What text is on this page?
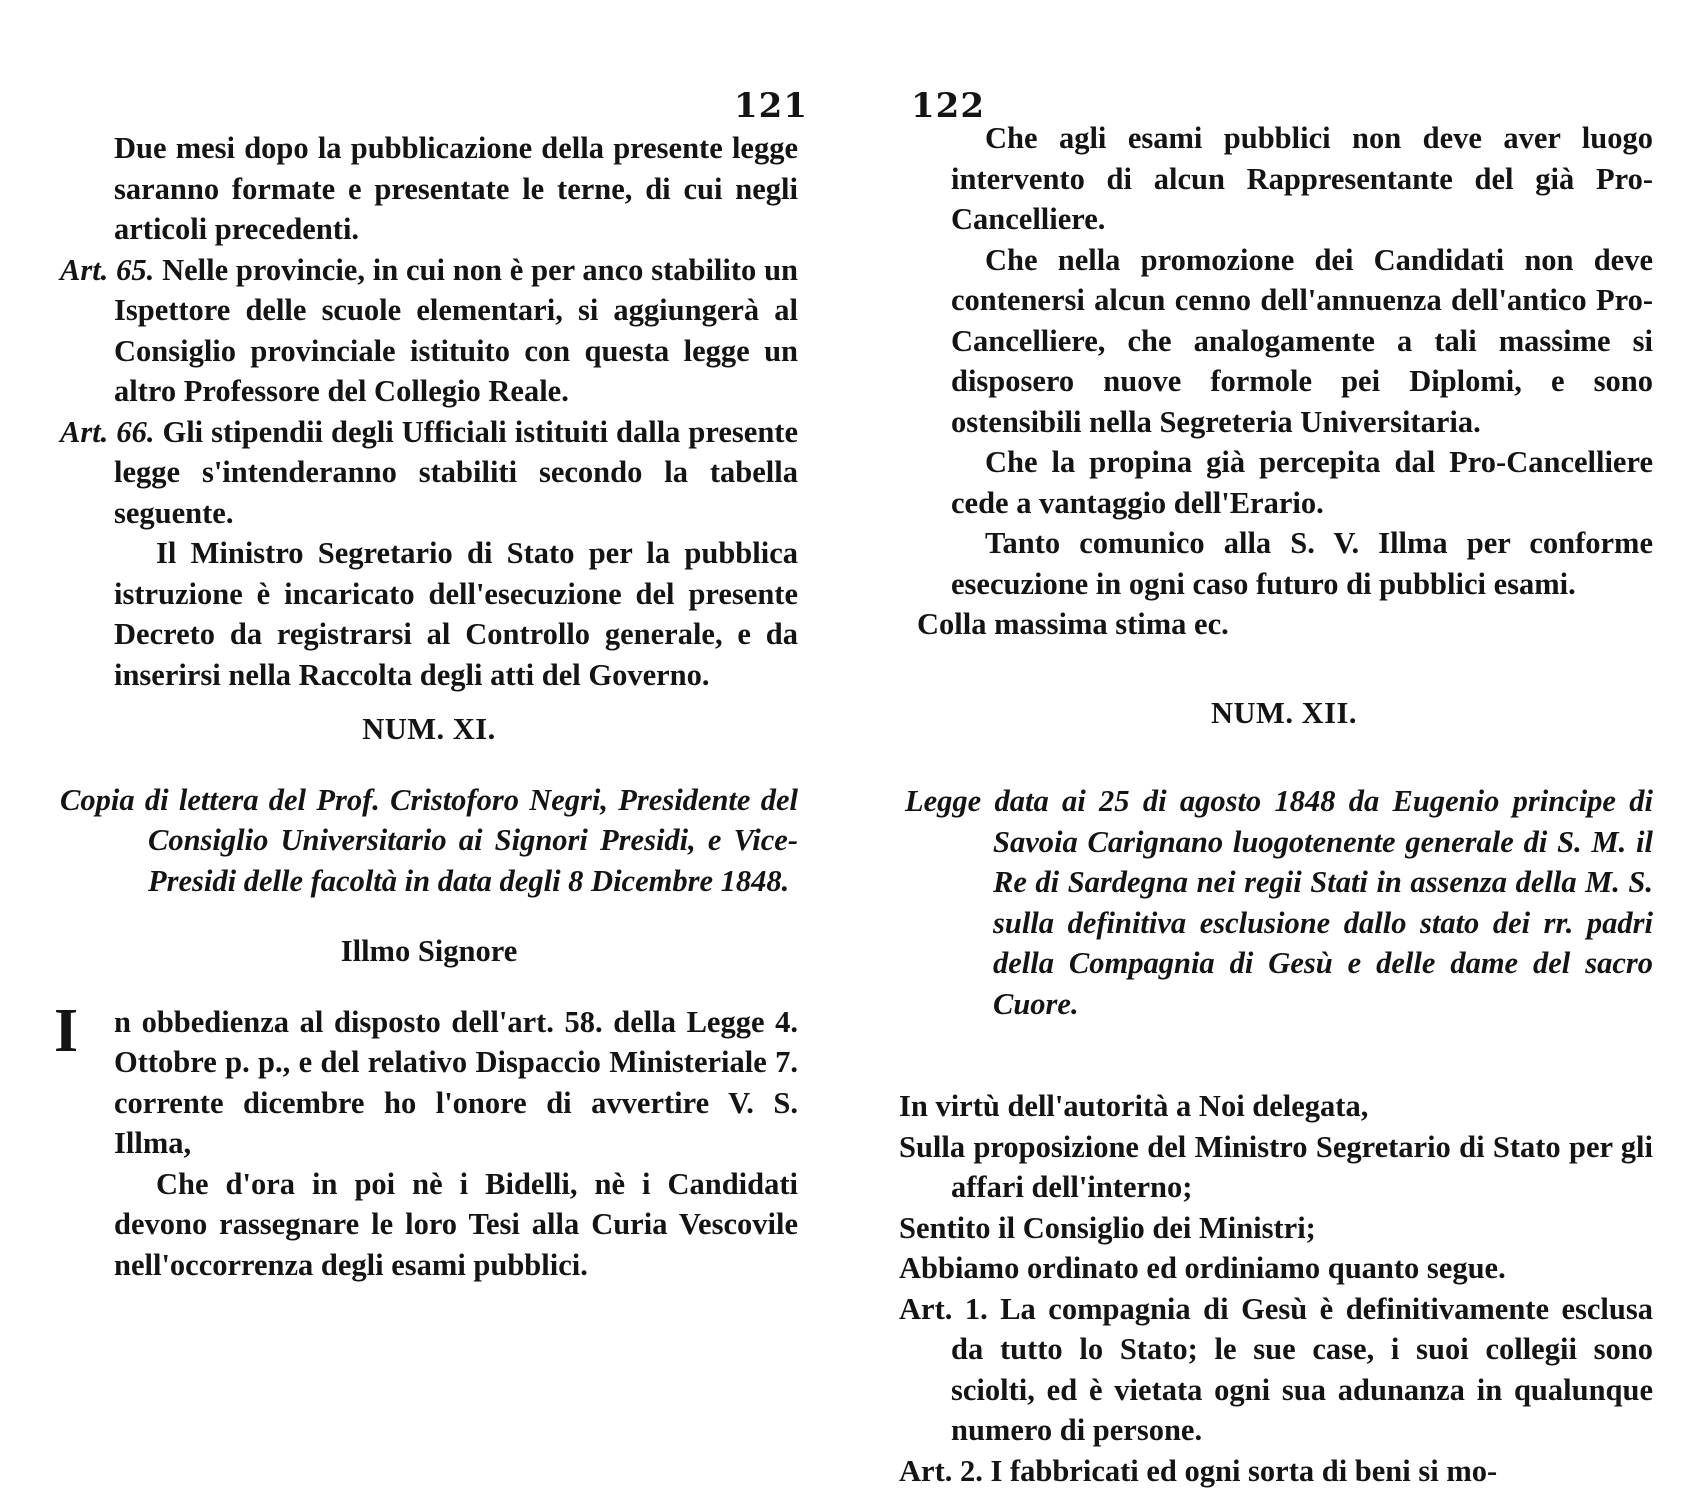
121

Due mesi dopo la pubblicazione della presente legge saranno formate e presentate le terne, di cui negli articoli precedenti.

Art. 65. Nelle provincie, in cui non è per anco stabilito un Ispettore delle scuole elementari, si aggiungerà al Consiglio provinciale istituito con questa legge un altro Professore del Collegio Reale.

Art. 66. Gli stipendii degli Ufficiali istituiti dalla presente legge s'intenderanno stabiliti secondo la tabella seguente.

Il Ministro Segretario di Stato per la pubblica istruzione è incaricato dell'esecuzione del presente Decreto da registrarsi al Controllo generale, e da inserirsi nella Raccolta degli atti del Governo.

NUM. XI.

Copia di lettera del Prof. Cristoforo Negri, Presidente del Consiglio Universitario ai Signori Presidi, e Vice-Presidi delle facoltà in data degli 8 Dicembre 1848.

Illmo Signore

I n obbedienza al disposto dell'art. 58. della Legge 4. Ottobre p. p., e del relativo Dispaccio Ministeriale 7. corrente dicembre ho l'onore di avvertire V. S. Illma,

Che d'ora in poi nè i Bidelli, nè i Candidati devono rassegnare le loro Tesi alla Curia Vescovile nell'occorrenza degli esami pubblici.

122

Che agli esami pubblici non deve aver luogo intervento di alcun Rappresentante del già Pro-Cancelliere.

Che nella promozione dei Candidati non deve contenersi alcun cenno dell'annuenza dell'antico Pro-Cancelliere, che analogamente a tali massime si disposero nuove formole pei Diplomi, e sono ostensibili nella Segreteria Universitaria.

Che la propina già percepita dal Pro-Cancelliere cede a vantaggio dell'Erario.

Tanto comunico alla S. V. Illma per conforme esecuzione in ogni caso futuro di pubblici esami.

Colla massima stima ec.

NUM. XII.

Legge data ai 25 di agosto 1848 da Eugenio principe di Savoia Carignano luogotenente generale di S. M. il Re di Sardegna nei regii Stati in assenza della M. S. sulla definitiva esclusione dallo stato dei rr. padri della Compagnia di Gesù e delle dame del sacro Cuore.

In virtù dell'autorità a Noi delegata,

Sulla proposizione del Ministro Segretario di Stato per gli affari dell'interno;

Sentito il Consiglio dei Ministri;

Abbiamo ordinato ed ordiniamo quanto segue.

Art. 1. La compagnia di Gesù è definitivamente esclusa da tutto lo Stato; le sue case, i suoi collegii sono sciolti, ed è vietata ogni sua adunanza in qualunque numero di persone.

Art. 2. I fabbricati ed ogni sorta di beni si mo-
